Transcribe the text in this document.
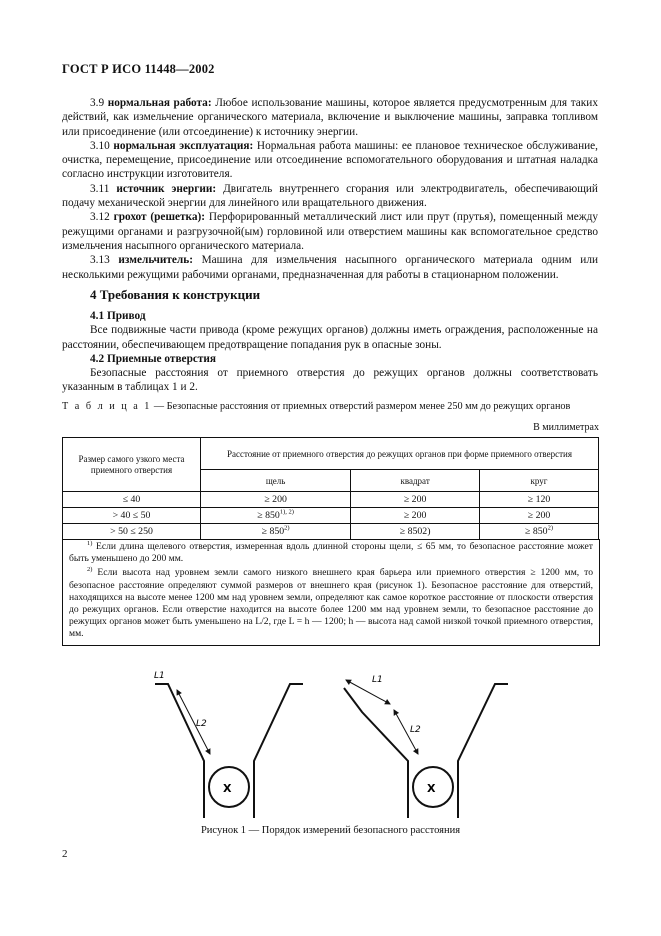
ГОСТ Р ИСО 11448—2002

3.9 нормальная работа: Любое использование машины, которое является предусмотренным для таких действий, как измельчение органического материала, включение и выключение машины, заправка топливом или присоединение (или отсоединение) к источнику энергии.

3.10 нормальная эксплуатация: Нормальная работа машины: ее плановое техническое обслуживание, очистка, перемещение, присоединение или отсоединение вспомогательного оборудования и штатная наладка согласно инструкции изготовителя.

3.11 источник энергии: Двигатель внутреннего сгорания или электродвигатель, обеспечивающий подачу механической энергии для линейного или вращательного движения.

3.12 грохот (решетка): Перфорированный металлический лист или прут (прутья), помещенный между режущими органами и разгрузочной(ым) горловиной или отверстием машины как вспомогательное средство измельчения насыпного органического материала.

3.13 измельчитель: Машина для измельчения насыпного органического материала одним или несколькими режущими рабочими органами, предназначенная для работы в стационарном положении.

4 Требования к конструкции

4.1 Привод

Все подвижные части привода (кроме режущих органов) должны иметь ограждения, расположенные на расстоянии, обеспечивающем предотвращение попадания рук в опасные зоны.

4.2 Приемные отверстия

Безопасные расстояния от приемного отверстия до режущих органов должны соответствовать указанным в таблицах 1 и 2.

Т а б л и ц а 1 — Безопасные расстояния от приемных отверстий размером менее 250 мм до режущих органов
В миллиметрах
Размер самого узкого места приемного отверстия	Расстояние от приемного отверстия до режущих органов при форме приемного отверстия		
	щель	квадрат	круг
≤ 40	≥ 200	≥ 200	≥ 120
> 40 ≤ 50	≥ $850^{1), 2)}$	≥ 200	≥ 200
> 50 ≤ 250	≥ $850^{2)}$	≥ 8502)	≥ $850^{2)}$

$^{1)}$ Если длина щелевого отверстия, измеренная вдоль длинной стороны щели, ≤ 65 мм, то безопасное расстояние может быть уменьшено до 200 мм.

$^{2)}$ Если высота над уровнем земли самого низкого внешнего края барьера или приемного отверстия ≥ 1200 мм, то безопасное расстояние определяют суммой размеров от внешнего края (рисунок 1). Безопасное расстояние для отверстий, находящихся на высоте менее 1200 мм над уровнем земли, определяют как самое короткое расстояние от плоскости отверстия до режущих органов. Если отверстие находится на высоте более 1200 мм над уровнем земли, то безопасное расстояние до режущих органов может быть уменьшено на L/2, где L = h — 1200; h — высота над самой низкой точкой приемного отверстия, мм.

X
L2
L1
X
L1
L2
Рисунок 1 — Порядок измерений безопасного расстояния
2
